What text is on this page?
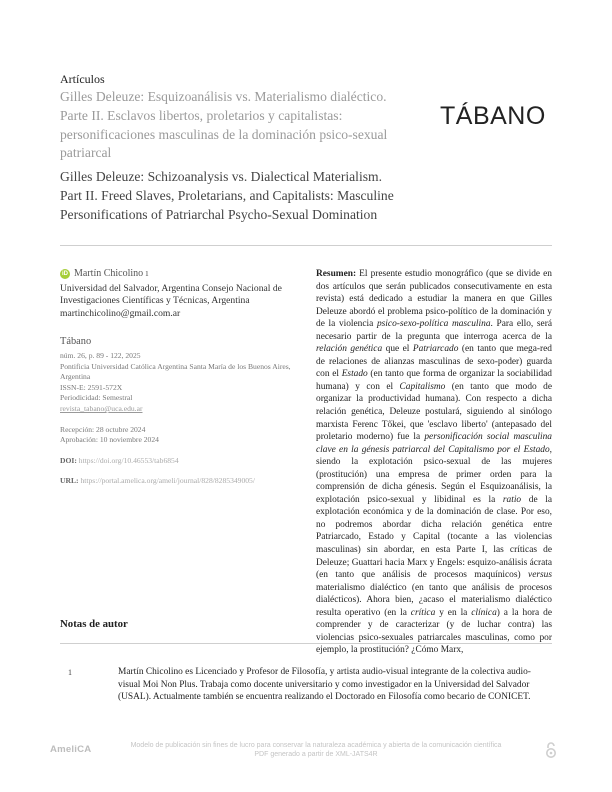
Artículos
Gilles Deleuze: Esquizoanálisis vs. Materialismo dialéctico. Parte II. Esclavos libertos, proletarios y capitalistas: personificaciones masculinas de la dominación psico-sexual patriarcal
TÁBANO
Gilles Deleuze: Schizoanalysis vs. Dialectical Materialism. Part II. Freed Slaves, Proletarians, and Capitalists: Masculine Personifications of Patriarchal Psycho-Sexual Domination
iD Martín Chicolino 1
Universidad del Salvador, Argentina Consejo Nacional de Investigaciones Científicas y Técnicas, Argentina
martinchicolino@gmail.com.ar
Tábano
núm. 26, p. 89 - 122, 2025
Pontificia Universidad Católica Argentina Santa María de los Buenos Aires, Argentina
ISSN-E: 2591-572X
Periodicidad: Semestral
revista_tabano@uca.edu.ar
Recepción: 28 octubre 2024
Aprobación: 10 noviembre 2024
DOI: https://doi.org/10.46553/tab6854
URL: https://portal.amelica.org/ameli/journal/828/8285349005/
Resumen: El presente estudio monográfico (que se divide en dos artículos que serán publicados consecutivamente en esta revista) está dedicado a estudiar la manera en que Gilles Deleuze abordó el problema psico-político de la dominación y de la violencia psico-sexo-política masculina. Para ello, será necesario partir de la pregunta que interroga acerca de la relación genética que el Patriarcado (en tanto que mega-red de relaciones de alianzas masculinas de sexo-poder) guarda con el Estado (en tanto que forma de organizar la sociabilidad humana) y con el Capitalismo (en tanto que modo de organizar la productividad humana). Con respecto a dicha relación genética, Deleuze postulará, siguiendo al sinólogo marxista Ferenc Tőkei, que 'esclavo liberto' (antepasado del proletario moderno) fue la personificación social masculina clave en la génesis patriarcal del Capitalismo por el Estado, siendo la explotación psico-sexual de las mujeres (prostitución) una empresa de primer orden para la comprensión de dicha génesis. Según el Esquizoanálisis, la explotación psico-sexual y libidinal es la ratio de la explotación económica y de la dominación de clase. Por eso, no podremos abordar dicha relación genética entre Patriarcado, Estado y Capital (tocante a las violencias masculinas) sin abordar, en esta Parte I, las críticas de Deleuze; Guattari hacia Marx y Engels: esquizo-análisis ácrata (en tanto que análisis de procesos maquínicos) versus materialismo dialéctico (en tanto que análisis de procesos dialécticos). Ahora bien, ¿acaso el materialismo dialéctico resulta operativo (en la crítica y en la clínica) a la hora de comprender y de caracterizar (y de luchar contra) las violencias psico-sexuales patriarcales masculinas, como por ejemplo, la prostitución? ¿Cómo Marx,
Notas de autor
1	Martín Chicolino es Licenciado y Profesor de Filosofía, y artista audio-visual integrante de la colectiva audio-visual Moi Non Plus. Trabaja como docente universitario y como investigador en la Universidad del Salvador (USAL). Actualmente también se encuentra realizando el Doctorado en Filosofía como becario de CONICET.
AmeliCA	Modelo de publicación sin fines de lucro para conservar la naturaleza académica y abierta de la comunicación científica
PDF generado a partir de XML-JATS4R
